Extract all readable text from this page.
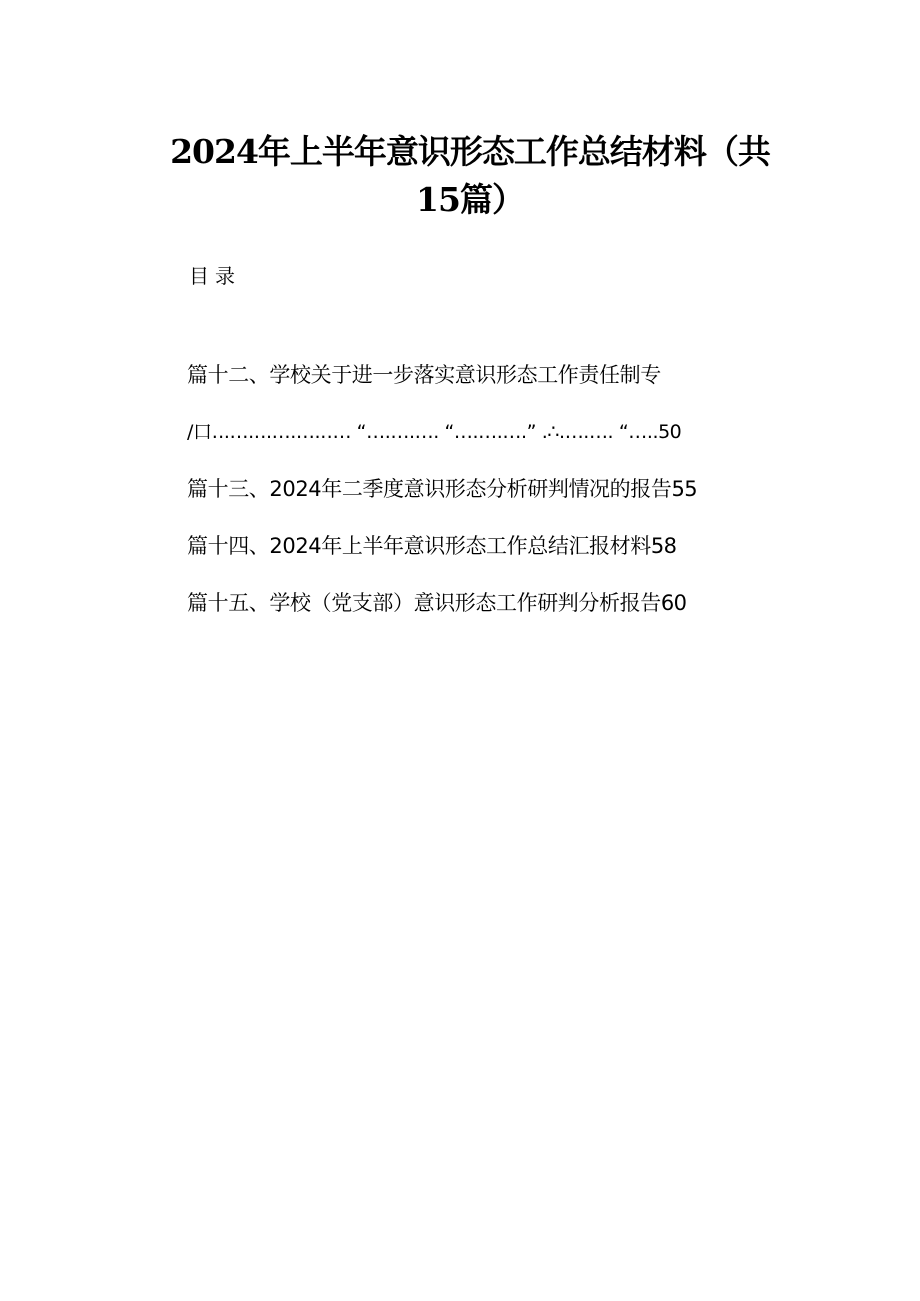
2024年上半年意识形态工作总结材料（共
15篇）
目录
篇十二、学校关于进一步落实意识形态工作责任制专
/口‥.….‥.….….‥… “….….…. “….….….” .∴.….…. “…..50
篇十三、2024年二季度意识形态分析研判情况的报告55
篇十四、2024年上半年意识形态工作总结汇报材料58
篇十五、学校（党支部）意识形态工作研判分析报告60
